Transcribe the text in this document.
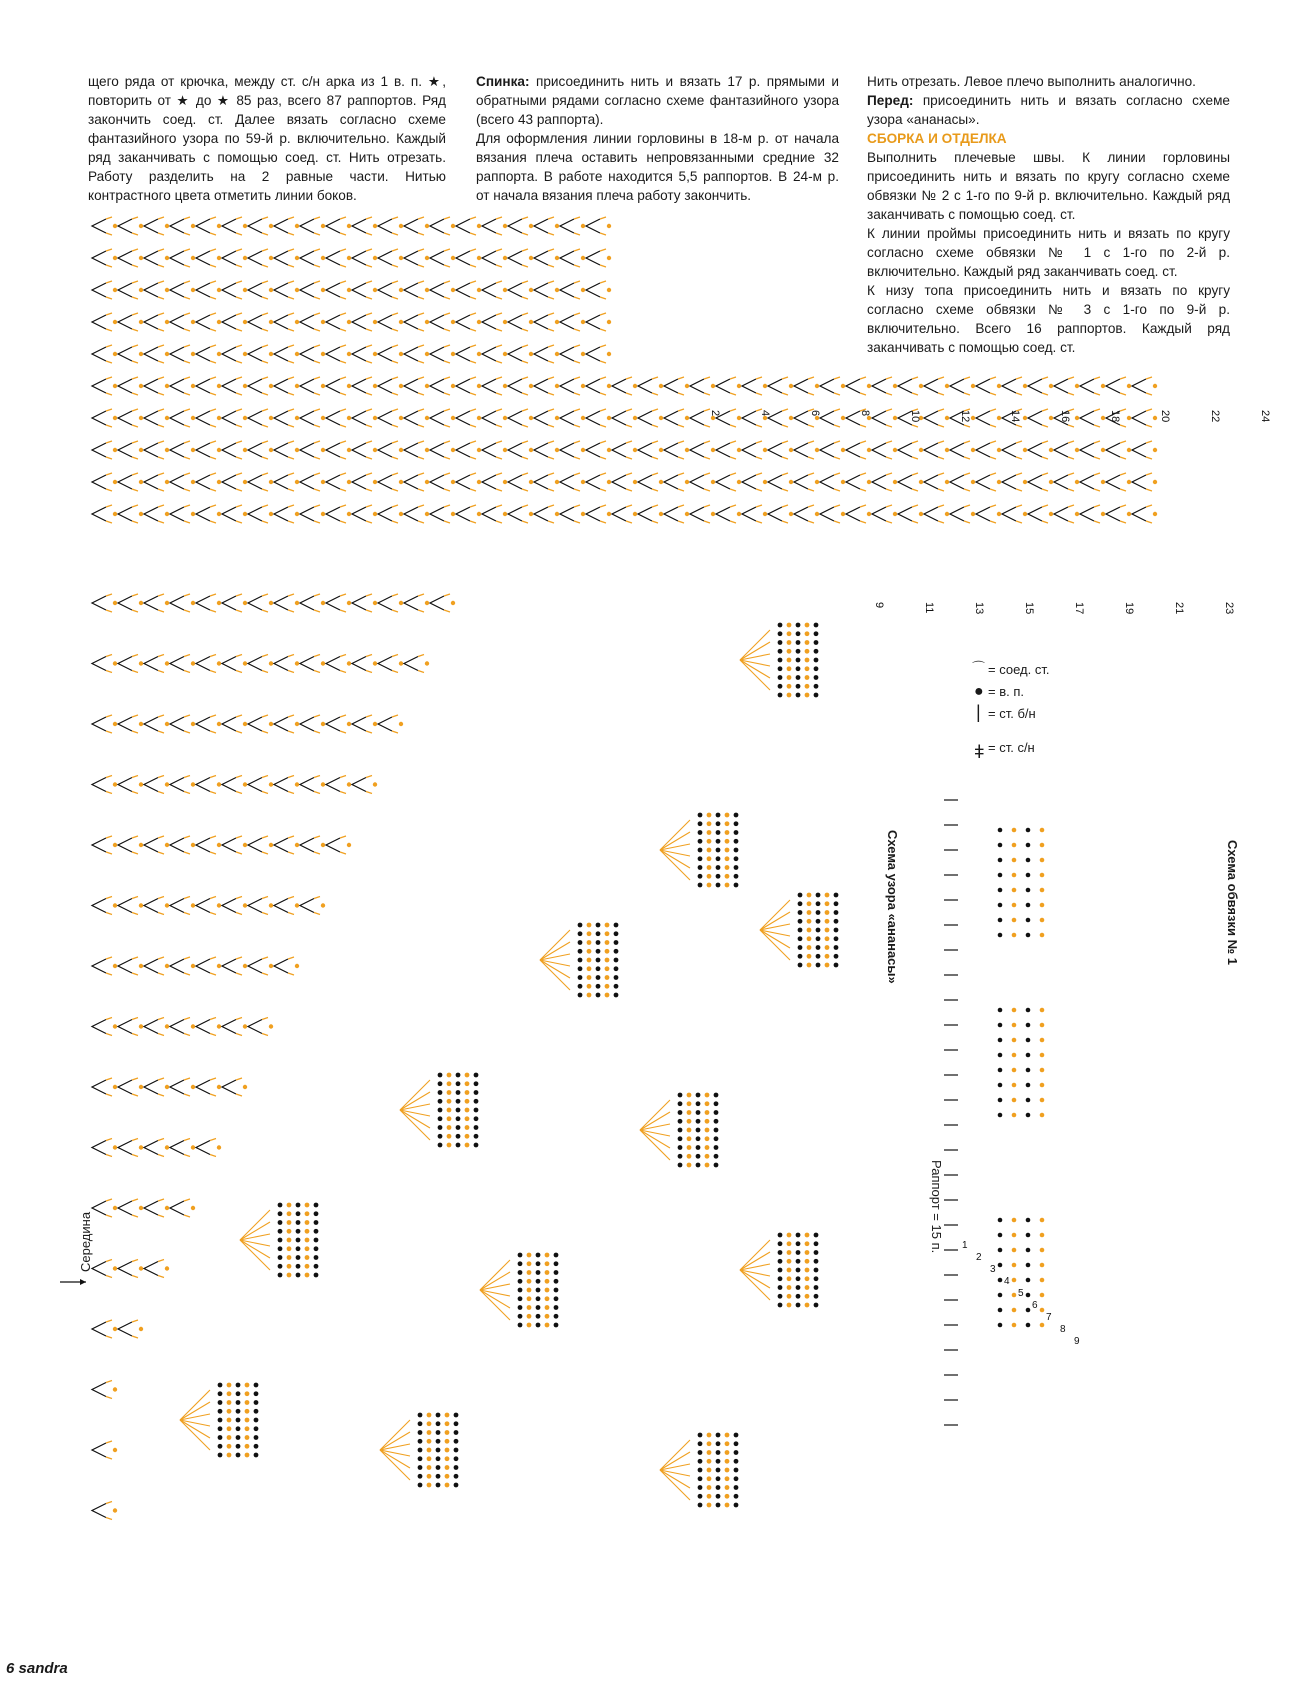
щего ряда от крючка, между ст. с/н арка из 1 в. п. ★, повторить от ★ до ★ 85 раз, всего 87 раппортов. Ряд закончить соед. ст. Далее вязать согласно схеме фантазийного узора по 59-й р. включительно. Каждый ряд заканчивать с помощью соед. ст. Нить отрезать. Работу разделить на 2 равные части. Нитью контрастного цвета отметить линии боков.

Спинка: присоединить нить и вязать 17 р. прямыми и обратными рядами согласно схеме фантазийного узора (всего 43 раппорта).

Для оформления линии горловины в 18-м р. от начала вязания плеча оставить непровязанными средние 32 раппорта. В работе находится 5,5 раппортов. В 24-м р. от начала вязания плеча работу закончить.

Нить отрезать. Левое плечо выполнить аналогично.

Перед: присоединить нить и вязать согласно схеме узора «ананасы».

СБОРКА И ОТДЕЛКА

Выполнить плечевые швы. К линии горловины присоединить нить и вязать по кругу согласно схеме обвязки № 2 с 1-го по 9-й р. включительно. Каждый ряд заканчивать с помощью соед. ст.

К линии проймы присоединить нить и вязать по кругу согласно схеме обвязки № 1 с 1-го по 2-й р. включительно. Каждый ряд заканчивать соед. ст.

К низу топа присоединить нить и вязать по кругу согласно схеме обвязки № 3 с 1-го по 9-й р. включительно. Всего 16 раппортов. Каждый ряд заканчивать с помощью соед. ст.

2	4	6	8	10	12	14	16	18	20	22	24
9	11	13	15	17	19	21	23
1
2
3
4
5
6
7
8
9
⌒ = соед. ст.
● = в. п.
| = ст. б/н
ǂ = ст. с/н
Схема узора «ананасы»	Схема обвязки № 1
Раппорт = 15 п.
Середина
6 sandra
